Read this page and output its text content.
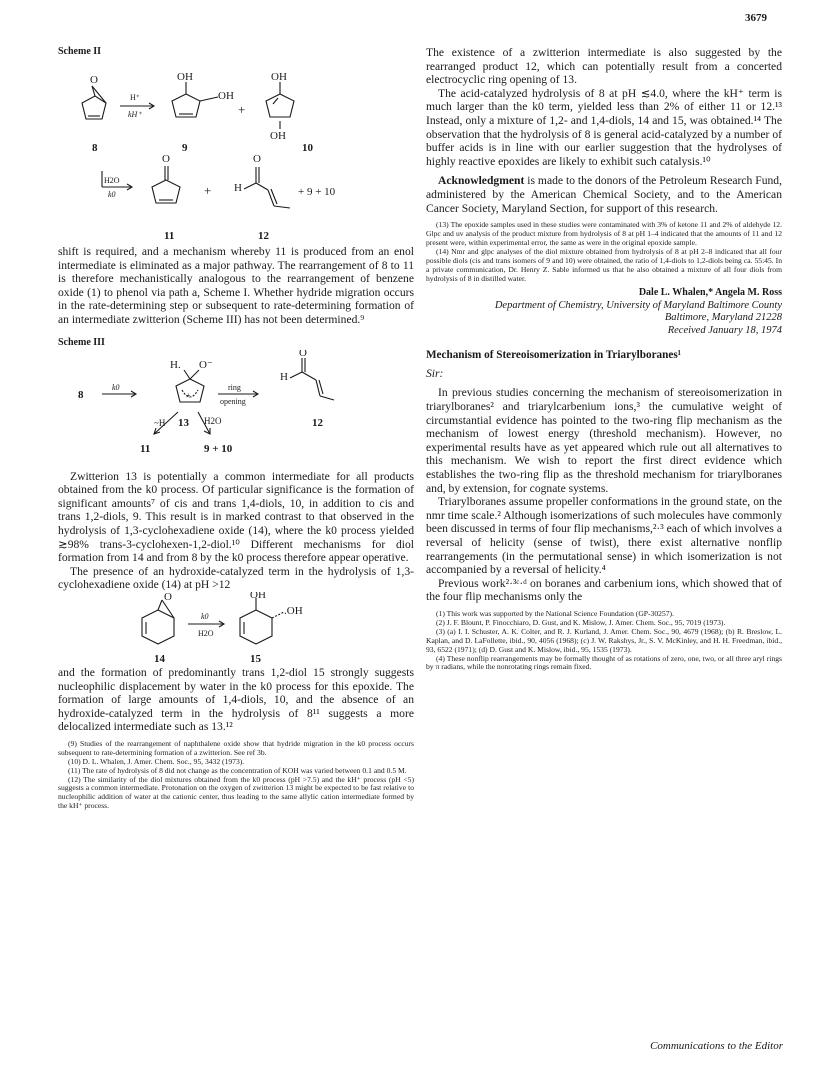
3679
Scheme II
O
H⁺
kH⁺
OH
OH
+
OH
OH
8	9	10
O	O
H2O
k0	+ H	+ 9 + 10
11	12

shift is required, and a mechanism whereby 11 is produced from an enol intermediate is eliminated as a major pathway. The rearrangement of 8 to 11 is therefore mechanistically analogous to the rearrangement of benzene oxide (1) to phenol via path a, Scheme I. Whether hydride migration occurs in the rate-determining step or subsequent to rate-determining formation of an intermediate zwitterion (Scheme III) has not been determined.⁹

Scheme III
8
k0
H. O⁻
+
ring
opening
H
O
13 H2O
~H	12
11	9 + 10

Zwitterion 13 is potentially a common intermediate for all products obtained from the k0 process. Of particular significance is the formation of significant amounts⁷ of cis and trans 1,4-diols, 10, in addition to cis and trans 1,2-diols, 9. This result is in marked contrast to that observed in the hydrolysis of 1,3-cyclohexadiene oxide (14), where the k0 process yielded ≳98% trans-3-cyclohexen-1,2-diol.¹⁰ Different mechanisms for diol formation from 14 and from 8 by the k0 process therefore appear operative.

The presence of an hydroxide-catalyzed term in the hydrolysis of 1,3-cyclohexadiene oxide (14) at pH >12

O
k0
H2O
OH
.OH
14	15

and the formation of predominantly trans 1,2-diol 15 strongly suggests nucleophilic displacement by water in the k0 process for this epoxide. The formation of large amounts of 1,4-diols, 10, and the absence of an hydroxide-catalyzed term in the hydrolysis of 8¹¹ suggests a more delocalized intermediate such as 13.¹²

(9) Studies of the rearrangement of naphthalene oxide show that hydride migration in the k0 process occurs subsequent to rate-determining formation of a zwitterion. See ref 3b.

(10) D. L. Whalen, J. Amer. Chem. Soc., 95, 3432 (1973).

(11) The rate of hydrolysis of 8 did not change as the concentration of KOH was varied between 0.1 and 0.5 M.

(12) The similarity of the diol mixtures obtained from the k0 process (pH >7.5) and the kH⁺ process (pH <5) suggests a common intermediate. Protonation on the oxygen of zwitterion 13 might be expected to be fast relative to nucleophilic addition of water at the cationic center, thus leading to the same allylic cation intermediate formed by the kH⁺ process.

The existence of a zwitterion intermediate is also suggested by the rearranged product 12, which can potentially result from a concerted electrocyclic ring opening of 13.

The acid-catalyzed hydrolysis of 8 at pH ≲4.0, where the kH⁺ term is much larger than the k0 term, yielded less than 2% of either 11 or 12.¹³ Instead, only a mixture of 1,2- and 1,4-diols, 14 and 15, was obtained.¹⁴ The observation that the hydrolysis of 8 is general acid-catalyzed by a number of buffer acids is in line with our earlier suggestion that the hydrolyses of highly reactive epoxides are likely to exhibit such catalysis.¹⁰

Acknowledgment is made to the donors of the Petroleum Research Fund, administered by the American Chemical Society, and to the American Cancer Society, Maryland Section, for support of this research.

(13) The epoxide samples used in these studies were contaminated with 3% of ketone 11 and 2% of aldehyde 12. Glpc and uv analysis of the product mixture from hydrolysis of 8 at pH 1–4 indicated that the amounts of 11 and 12 present were, within experimental error, the same as were in the original epoxide sample.

(14) Nmr and glpc analyses of the diol mixture obtained from hydrolysis of 8 at pH 2–8 indicated that all four possible diols (cis and trans isomers of 9 and 10) were obtained, the ratio of 1,4-diols to 1,2-diols being ca. 55:45. In a private communication, Dr. Henry Z. Sable informed us that he also obtained a mixture of all four diols from hydrolysis of 8 in distilled water.

Dale L. Whalen,* Angela M. Ross
Department of Chemistry, University of Maryland Baltimore County
Baltimore, Maryland 21228
Received January 18, 1974
Mechanism of Stereoisomerization in Triarylboranes¹
Sir:

In previous studies concerning the mechanism of stereoisomerization in triarylboranes² and triarylcarbenium ions,³ the cumulative weight of circumstantial evidence has pointed to the two-ring flip mechanism as the mechanism of lowest energy (threshold mechanism). However, no experimental results have as yet appeared which rule out all alternatives to this mechanism. We wish to report the first direct evidence which establishes the two-ring flip as the threshold mechanism for triarylboranes and, by extension, for cognate systems.

Triarylboranes assume propeller conformations in the ground state, on the nmr time scale.² Although isomerizations of such molecules have commonly been discussed in terms of four flip mechanisms,²·³ each of which involves a reversal of helicity (sense of twist), there exist alternative nonflip rearrangements (in the permutational sense) in which isomerization is not accompanied by a reversal of helicity.⁴

Previous work²·³ᶜ·ᵈ on boranes and carbenium ions, which showed that of the four flip mechanisms only the

(1) This work was supported by the National Science Foundation (GP-30257).

(2) J. F. Blount, P. Finocchiaro, D. Gust, and K. Mislow, J. Amer. Chem. Soc., 95, 7019 (1973).

(3) (a) I. I. Schuster, A. K. Colter, and R. J. Kurland, J. Amer. Chem. Soc., 90, 4679 (1968); (b) R. Breslow, L. Kaplan, and D. LaFollette, ibid., 90, 4056 (1968); (c) J. W. Rakshys, Jr., S. V. McKinley, and H. H. Freedman, ibid., 93, 6522 (1971); (d) D. Gust and K. Mislow, ibid., 95, 1535 (1973).

(4) These nonflip rearrangements may be formally thought of as rotations of zero, one, two, or all three aryl rings by π radians, while the nonrotating rings remain fixed.

Communications to the Editor
